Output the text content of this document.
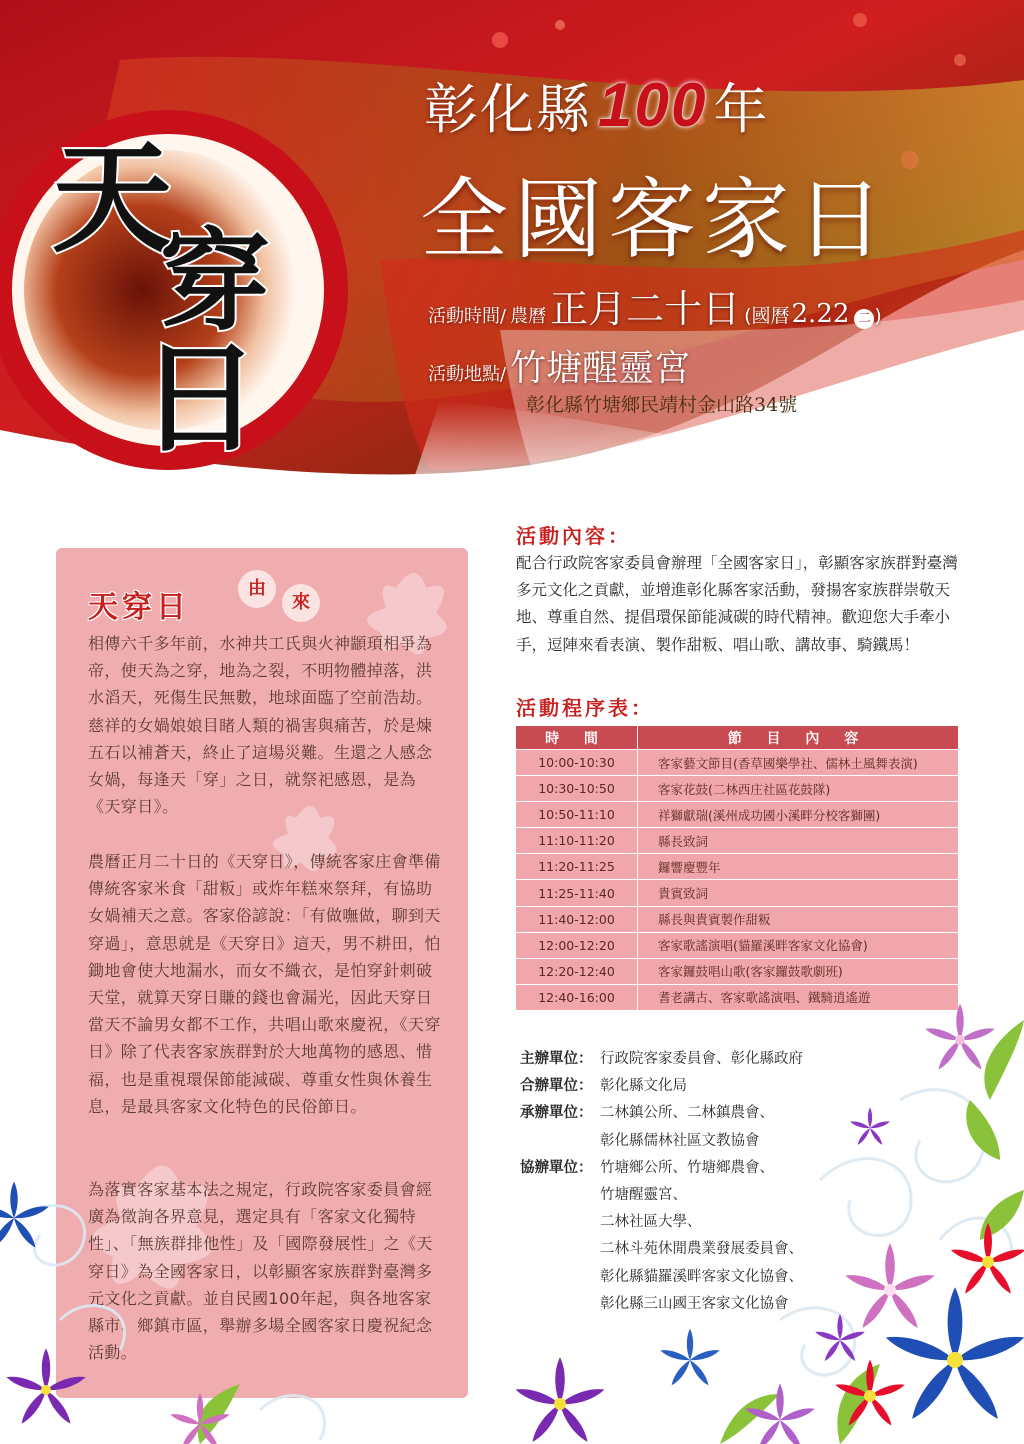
天
穿
日
彰化縣 100 年
全國客家日
活動時間/ 農曆 正月二十日 (國曆 2.22 二 )
活動地點/ 竹塘醒靈宮
彰化縣竹塘鄉民靖村金山路34號
天穿日
由
來

相傳六千多年前，水神共工氏與火神顓頊相爭為帝，使天為之穿，地為之裂，不明物體掉落，洪水滔天，死傷生民無數，地球面臨了空前浩劫。慈祥的女媧娘娘目睹人類的禍害與痛苦，於是煉五石以補蒼天，終止了這場災難。生還之人感念女媧，每逢天「穿」之日，就祭祀感恩，是為《天穿日》。

農曆正月二十日的《天穿日》，傳統客家庄會準備傳統客家米食「甜粄」或炸年糕來祭拜，有協助女媧補天之意。客家俗諺說：「有做嘸做，聊到天穿過」，意思就是《天穿日》這天，男不耕田，怕鋤地會使大地漏水，而女不織衣，是怕穿針刺破天堂，就算天穿日賺的錢也會漏光，因此天穿日當天不論男女都不工作，共唱山歌來慶祝，《天穿日》除了代表客家族群對於大地萬物的感恩、惜福，也是重視環保節能減碳、尊重女性與休養生息，是最具客家文化特色的民俗節日。

為落實客家基本法之規定，行政院客家委員會經廣為徵詢各界意見，選定具有「客家文化獨特性」、「無族群排他性」及「國際發展性」之《天穿日》為全國客家日，以彰顯客家族群對臺灣多元文化之貢獻。並自民國100年起，與各地客家縣市、鄉鎮市區，舉辦多場全國客家日慶祝紀念活動。

活動內容：

配合行政院客家委員會辦理「全國客家日」，彰顯客家族群對臺灣多元文化之貢獻，並增進彰化縣客家活動，發揚客家族群崇敬天地、尊重自然、提倡環保節能減碳的時代精神。歡迎您大手牽小手，逗陣來看表演、製作甜粄、唱山歌、講故事、騎鐵馬！

活動程序表：
時 間	節 目 內 容
10:00-10:30	客家藝文節目(香草國樂學社、儒林土風舞表演)
10:30-10:50	客家花鼓(二林西庄社區花鼓隊)
10:50-11:10	祥獅獻瑞(溪州成功國小溪畔分校客獅團)
11:10-11:20	縣長致詞
11:20-11:25	鑼響慶豐年
11:25-11:40	貴賓致詞
11:40-12:00	縣長與貴賓製作甜粄
12:00-12:20	客家歌謠演唱(貓羅溪畔客家文化協會)
12:20-12:40	客家鑼鼓唱山歌(客家鑼鼓歌劇班)
12:40-16:00	耆老講古、客家歌謠演唱、鐵騎逍遙遊
主辦單位： 行政院客家委員會、彰化縣政府
合辦單位： 彰化縣文化局
承辦單位： 二林鎮公所、二林鎮農會、
彰化縣儒林社區文教協會
協辦單位： 竹塘鄉公所、竹塘鄉農會、
竹塘醒靈宮、
二林社區大學、
二林斗苑休閒農業發展委員會、
彰化縣貓羅溪畔客家文化協會、
彰化縣三山國王客家文化協會
